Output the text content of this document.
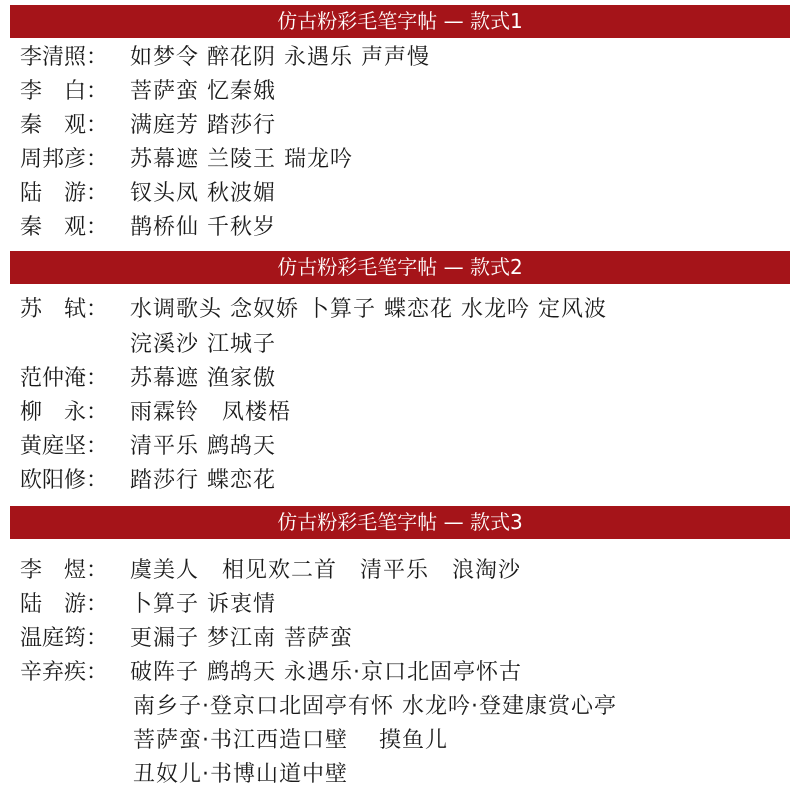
仿古粉彩毛笔字帖 — 款式1
李清照： 如梦令 醉花阴 永遇乐 声声慢
李　白： 菩萨蛮 忆秦娥
秦　观： 满庭芳 踏莎行
周邦彦： 苏幕遮 兰陵王 瑞龙吟
陆　游： 钗头凤 秋波媚
秦　观： 鹊桥仙 千秋岁
仿古粉彩毛笔字帖 — 款式2
苏　轼： 水调歌头 念奴娇 卜算子 蝶恋花 水龙吟 定风波
浣溪沙 江城子
范仲淹： 苏幕遮 渔家傲
柳　永： 雨霖铃　凤楼梧
黄庭坚： 清平乐 鹧鸪天
欧阳修： 踏莎行 蝶恋花
仿古粉彩毛笔字帖 — 款式3
李　煜： 虞美人　相见欢二首　清平乐　浪淘沙
陆　游： 卜算子 诉衷情
温庭筠： 更漏子 梦江南 菩萨蛮
辛弃疾： 破阵子 鹧鸪天 永遇乐·京口北固亭怀古
南乡子·登京口北固亭有怀 水龙吟·登建康赏心亭
菩萨蛮·书江西造口壁　 摸鱼儿
丑奴儿·书博山道中壁
